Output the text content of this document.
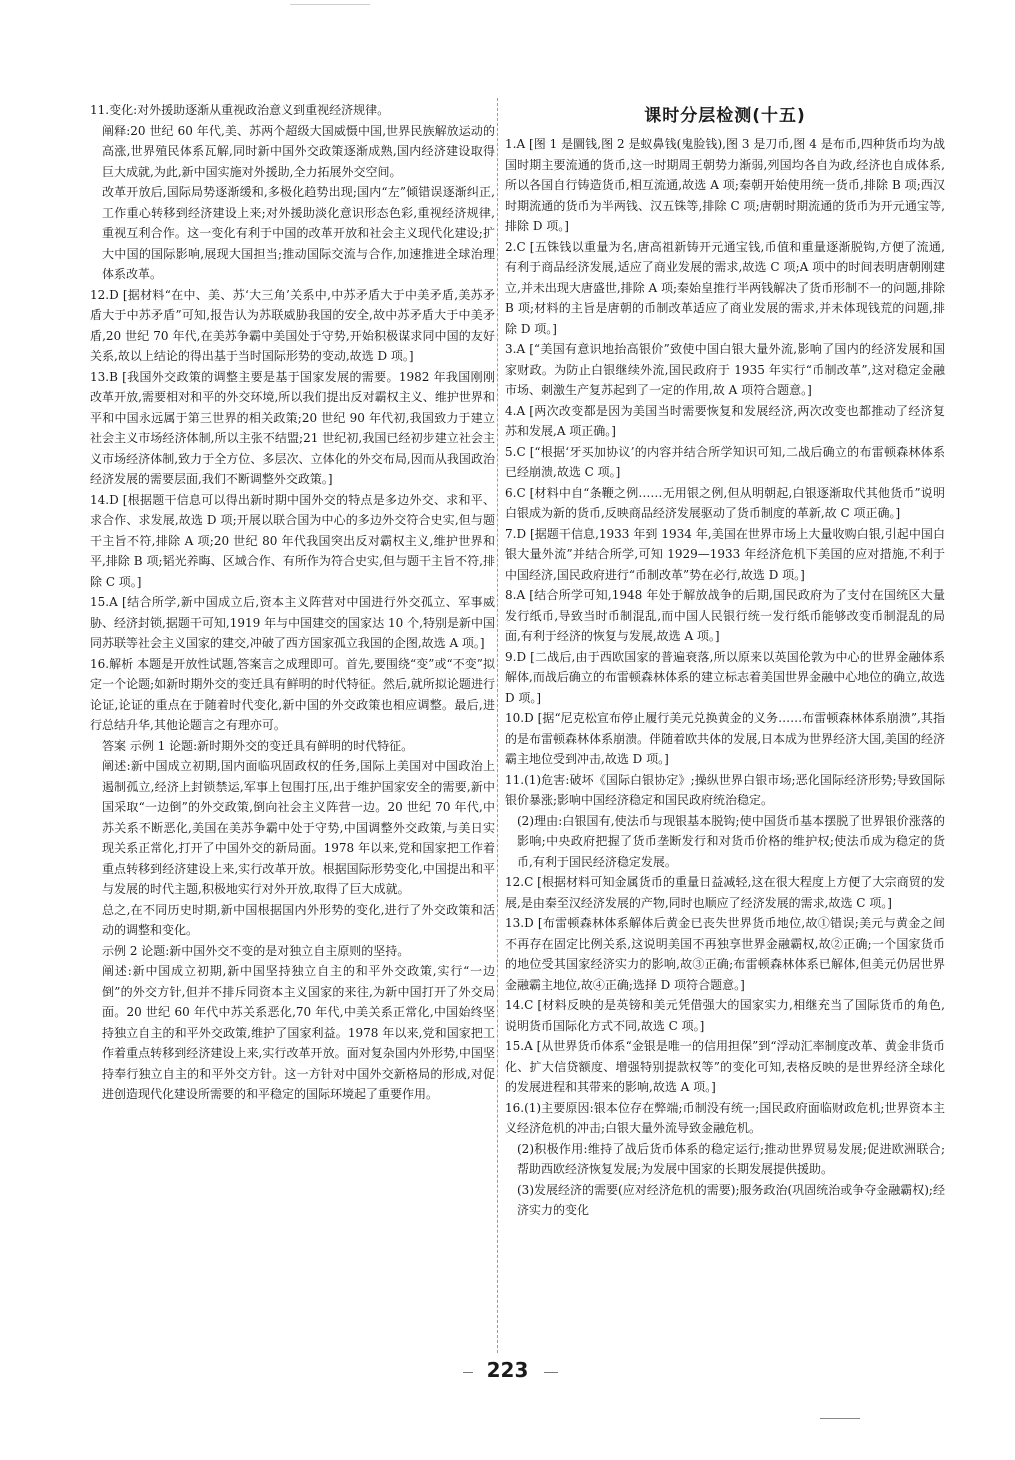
11.变化:对外援助逐渐从重视政治意义到重视经济规律。

阐释:20 世纪 60 年代,美、苏两个超级大国威慑中国,世界民族解放运动的高涨,世界殖民体系瓦解,同时新中国外交政策逐渐成熟,国内经济建设取得巨大成就,为此,新中国实施对外援助,全力拓展外交空间。

改革开放后,国际局势逐渐缓和,多极化趋势出现;国内“左”倾错误逐渐纠正,工作重心转移到经济建设上来;对外援助淡化意识形态色彩,重视经济规律,重视互利合作。这一变化有利于中国的改革开放和社会主义现代化建设;扩大中国的国际影响,展现大国担当;推动国际交流与合作,加速推进全球治理体系改革。

12.D [据材料“在中、美、苏‘大三角’关系中,中苏矛盾大于中美矛盾,美苏矛盾大于中苏矛盾”可知,报告认为苏联威胁我国的安全,故中苏矛盾大于中美矛盾,20 世纪 70 年代,在美苏争霸中美国处于守势,开始积极谋求同中国的友好关系,故以上结论的得出基于当时国际形势的变动,故选 D 项。]

13.B [我国外交政策的调整主要是基于国家发展的需要。1982 年我国刚刚改革开放,需要相对和平的外交环境,所以我们提出反对霸权主义、维护世界和平和中国永远属于第三世界的相关政策;20 世纪 90 年代初,我国致力于建立社会主义市场经济体制,所以主张不结盟;21 世纪初,我国已经初步建立社会主义市场经济体制,致力于全方位、多层次、立体化的外交布局,因而从我国政治经济发展的需要层面,我们不断调整外交政策。]

14.D [根据题干信息可以得出新时期中国外交的特点是多边外交、求和平、求合作、求发展,故选 D 项;开展以联合国为中心的多边外交符合史实,但与题干主旨不符,排除 A 项;20 世纪 80 年代我国突出反对霸权主义,维护世界和平,排除 B 项;韬光养晦、区域合作、有所作为符合史实,但与题干主旨不符,排除 C 项。]

15.A [结合所学,新中国成立后,资本主义阵营对中国进行外交孤立、军事威胁、经济封锁,据题干可知,1919 年与中国建交的国家达 10 个,特别是新中国同苏联等社会主义国家的建交,冲破了西方国家孤立我国的企图,故选 A 项。]

16.解析 本题是开放性试题,答案言之成理即可。首先,要围绕“变”或“不变”拟定一个论题;如新时期外交的变迁具有鲜明的时代特征。然后,就所拟论题进行论证,论证的重点在于随着时代变化,新中国的外交政策也相应调整。最后,进行总结升华,其他论题言之有理亦可。

答案 示例 1 论题:新时期外交的变迁具有鲜明的时代特征。

阐述:新中国成立初期,国内面临巩固政权的任务,国际上美国对中国政治上遏制孤立,经济上封锁禁运,军事上包围打压,出于维护国家安全的需要,新中国采取“一边倒”的外交政策,倒向社会主义阵营一边。20 世纪 70 年代,中苏关系不断恶化,美国在美苏争霸中处于守势,中国调整外交政策,与美日实现关系正常化,打开了中国外交的新局面。1978 年以来,党和国家把工作着重点转移到经济建设上来,实行改革开放。根据国际形势变化,中国提出和平与发展的时代主题,积极地实行对外开放,取得了巨大成就。

总之,在不同历史时期,新中国根据国内外形势的变化,进行了外交政策和活动的调整和变化。

示例 2 论题:新中国外交不变的是对独立自主原则的坚持。

阐述:新中国成立初期,新中国坚持独立自主的和平外交政策,实行“一边倒”的外交方针,但并不排斥同资本主义国家的来往,为新中国打开了外交局面。20 世纪 60 年代中苏关系恶化,70 年代,中美关系正常化,中国始终坚持独立自主的和平外交政策,维护了国家利益。1978 年以来,党和国家把工作着重点转移到经济建设上来,实行改革开放。面对复杂国内外形势,中国坚持奉行独立自主的和平外交方针。这一方针对中国外交新格局的形成,对促进创造现代化建设所需要的和平稳定的国际环境起了重要作用。

课时分层检测(十五)

1.A [图 1 是圜钱,图 2 是蚁鼻钱(鬼脸钱),图 3 是刀币,图 4 是布币,四种货币均为战国时期主要流通的货币,这一时期周王朝势力渐弱,列国均各自为政,经济也自成体系,所以各国自行铸造货币,相互流通,故选 A 项;秦朝开始使用统一货币,排除 B 项;西汉时期流通的货币为半两钱、汉五铢等,排除 C 项;唐朝时期流通的货币为开元通宝等,排除 D 项。]

2.C [五铢钱以重量为名,唐高祖新铸开元通宝钱,币值和重量逐渐脱钩,方便了流通,有利于商品经济发展,适应了商业发展的需求,故选 C 项;A 项中的时间表明唐朝刚建立,并未出现大唐盛世,排除 A 项;秦始皇推行半两钱解决了货币形制不一的问题,排除 B 项;材料的主旨是唐朝的币制改革适应了商业发展的需求,并未体现钱荒的问题,排除 D 项。]

3.A [“美国有意识地抬高银价”致使中国白银大量外流,影响了国内的经济发展和国家财政。为防止白银继续外流,国民政府于 1935 年实行“币制改革”,这对稳定金融市场、刺激生产复苏起到了一定的作用,故 A 项符合题意。]

4.A [两次改变都是因为美国当时需要恢复和发展经济,两次改变也都推动了经济复苏和发展,A 项正确。]

5.C [“根据‘牙买加协议’的内容并结合所学知识可知,二战后确立的布雷顿森林体系已经崩溃,故选 C 项。]

6.C [材料中自“条鞭之例……无用银之例,但从明朝起,白银逐渐取代其他货币”说明白银成为新的货币,反映商品经济发展驱动了货币制度的革新,故 C 项正确。]

7.D [据题干信息,1933 年到 1934 年,美国在世界市场上大量收购白银,引起中国白银大量外流”并结合所学,可知 1929—1933 年经济危机下美国的应对措施,不利于中国经济,国民政府进行“币制改革”势在必行,故选 D 项。]

8.A [结合所学可知,1948 年处于解放战争的后期,国民政府为了支付在国统区大量发行纸币,导致当时币制混乱,而中国人民银行统一发行纸币能够改变币制混乱的局面,有利于经济的恢复与发展,故选 A 项。]

9.D [二战后,由于西欧国家的普遍衰落,所以原来以英国伦敦为中心的世界金融体系解体,而战后确立的布雷顿森林体系的建立标志着美国世界金融中心地位的确立,故选 D 项。]

10.D [据“尼克松宣布停止履行美元兑换黄金的义务……布雷顿森林体系崩溃”,其指的是布雷顿森林体系崩溃。伴随着欧共体的发展,日本成为世界经济大国,美国的经济霸主地位受到冲击,故选 D 项。]

11.(1)危害:破坏《国际白银协定》;操纵世界白银市场;恶化国际经济形势;导致国际银价暴涨;影响中国经济稳定和国民政府统治稳定。

(2)理由:白银国有,使法币与现银基本脱钩;使中国货币基本摆脱了世界银价涨落的影响;中央政府把握了货币垄断发行和对货币价格的维护权;使法币成为稳定的货币,有利于国民经济稳定发展。

12.C [根据材料可知金属货币的重量日益减轻,这在很大程度上方便了大宗商贸的发展,是由秦至汉经济发展的产物,同时也顺应了经济发展的需求,故选 C 项。]

13.D [布雷顿森林体系解体后黄金已丧失世界货币地位,故①错误;美元与黄金之间不再存在固定比例关系,这说明美国不再独享世界金融霸权,故②正确;一个国家货币的地位受其国家经济实力的影响,故③正确;布雷顿森林体系已解体,但美元仍居世界金融霸主地位,故④正确;选择 D 项符合题意。]

14.C [材料反映的是英镑和美元凭借强大的国家实力,相继充当了国际货币的角色,说明货币国际化方式不同,故选 C 项。]

15.A [从世界货币体系“金银是唯一的信用担保”到“浮动汇率制度改革、黄金非货币化、扩大信贷额度、增强特别提款权等”的变化可知,表格反映的是世界经济全球化的发展进程和其带来的影响,故选 A 项。]

16.(1)主要原因:银本位存在弊端;币制没有统一;国民政府面临财政危机;世界资本主义经济危机的冲击;白银大量外流导致金融危机。

(2)积极作用:维持了战后货币体系的稳定运行;推动世界贸易发展;促进欧洲联合;帮助西欧经济恢复发展;为发展中国家的长期发展提供援助。

(3)发展经济的需要(应对经济危机的需要);服务政治(巩固统治或争夺金融霸权);经济实力的变化

223
